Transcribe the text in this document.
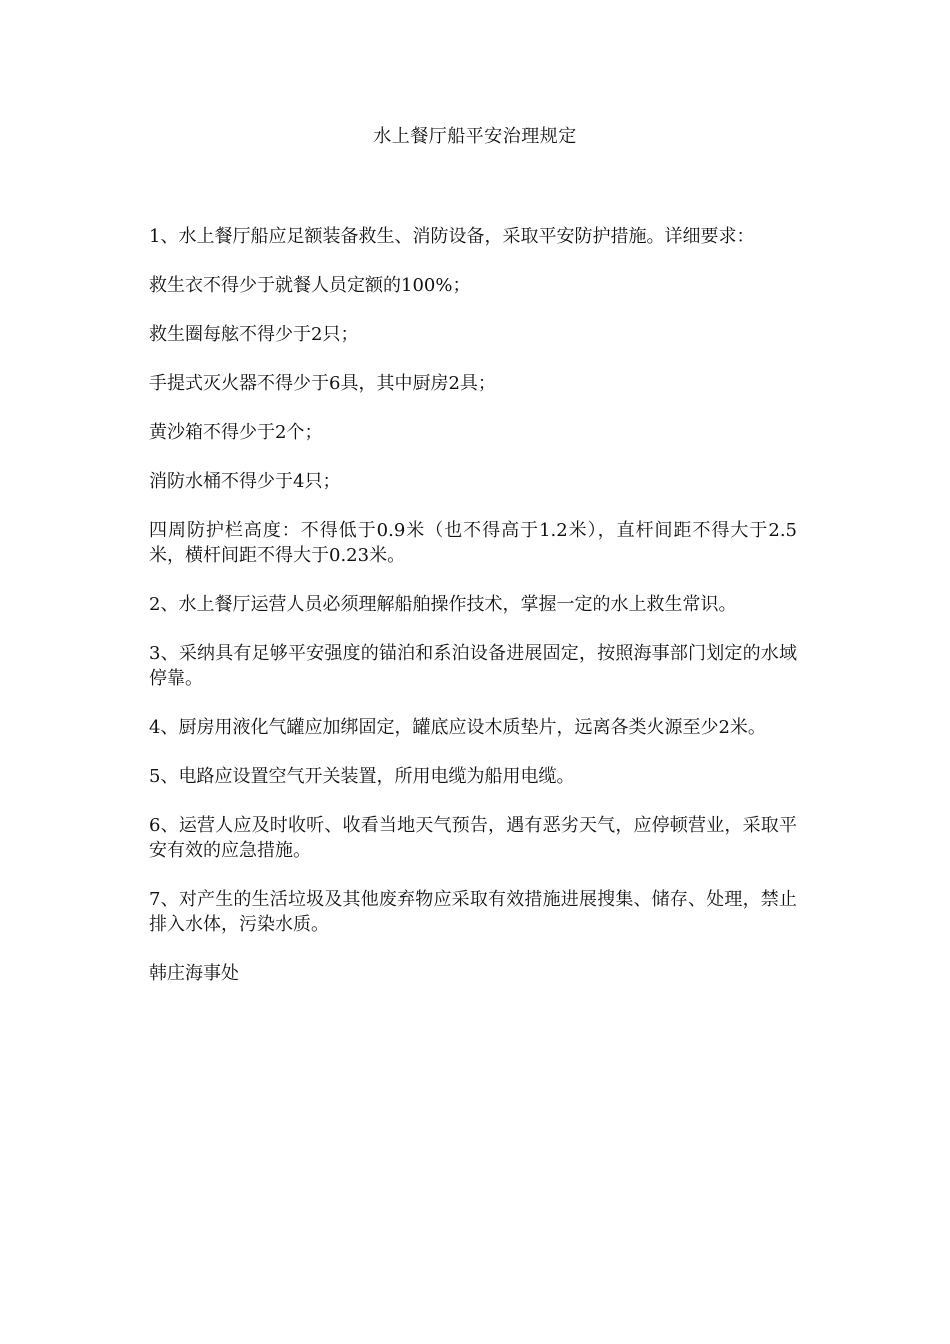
水上餐厅船平安治理规定

1、水上餐厅船应足额装备救生、消防设备，采取平安防护措施。详细要求：

救生衣不得少于就餐人员定额的100%；

救生圈每舷不得少于2只；

手提式灭火器不得少于6具，其中厨房2具；

黄沙箱不得少于2个；

消防水桶不得少于4只；

四周防护栏高度：不得低于0.9米（也不得高于1.2米），直杆间距不得大于2.5米，横杆间距不得大于0.23米。

2、水上餐厅运营人员必须理解船舶操作技术，掌握一定的水上救生常识。

3、采纳具有足够平安强度的锚泊和系泊设备进展固定，按照海事部门划定的水域停靠。

4、厨房用液化气罐应加绑固定，罐底应设木质垫片，远离各类火源至少2米。

5、电路应设置空气开关装置，所用电缆为船用电缆。

6、运营人应及时收听、收看当地天气预告，遇有恶劣天气，应停顿营业，采取平安有效的应急措施。

7、对产生的生活垃圾及其他废弃物应采取有效措施进展搜集、储存、处理，禁止排入水体，污染水质。

韩庄海事处
